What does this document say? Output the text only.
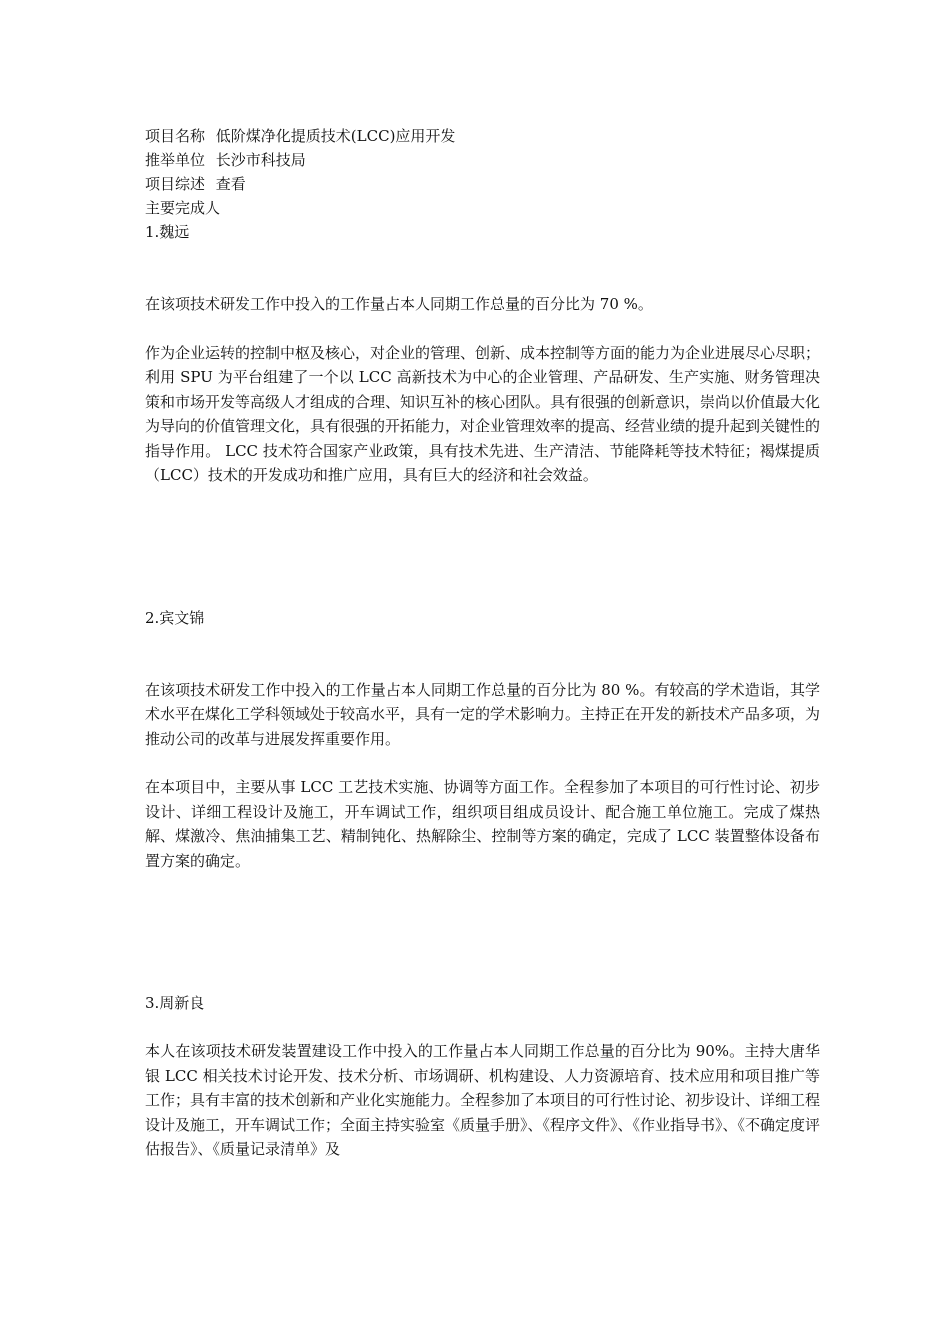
项目名称 低阶煤净化提质技术(LCC)应用开发
推举单位 长沙市科技局
项目综述 查看
主要完成人
1.魏远

在该项技术研发工作中投入的工作量占本人同期工作总量的百分比为 70 %。

作为企业运转的控制中枢及核心，对企业的管理、创新、成本控制等方面的能力为企业进展尽心尽职；利用 SPU 为平台组建了一个以 LCC 高新技术为中心的企业管理、产品研发、生产实施、财务管理决策和市场开发等高级人才组成的合理、知识互补的核心团队。具有很强的创新意识，崇尚以价值最大化为导向的价值管理文化，具有很强的开拓能力，对企业管理效率的提高、经营业绩的提升起到关键性的指导作用。 LCC 技术符合国家产业政策，具有技术先进、生产清洁、节能降耗等技术特征；褐煤提质（LCC）技术的开发成功和推广应用，具有巨大的经济和社会效益。

2.宾文锦

在该项技术研发工作中投入的工作量占本人同期工作总量的百分比为 80 %。有较高的学术造诣，其学术水平在煤化工学科领域处于较高水平，具有一定的学术影响力。主持正在开发的新技术产品多项，为推动公司的改革与进展发挥重要作用。

在本项目中，主要从事 LCC 工艺技术实施、协调等方面工作。全程参加了本项目的可行性讨论、初步设计、详细工程设计及施工，开车调试工作，组织项目组成员设计、配合施工单位施工。完成了煤热解、煤激冷、焦油捕集工艺、精制钝化、热解除尘、控制等方案的确定，完成了 LCC 装置整体设备布置方案的确定。

3.周新良

本人在该项技术研发装置建设工作中投入的工作量占本人同期工作总量的百分比为 90%。主持大唐华银 LCC 相关技术讨论开发、技术分析、市场调研、机构建设、人力资源培育、技术应用和项目推广等工作；具有丰富的技术创新和产业化实施能力。全程参加了本项目的可行性讨论、初步设计、详细工程设计及施工，开车调试工作；全面主持实验室《质量手册》、《程序文件》、《作业指导书》、《不确定度评估报告》、《质量记录清单》及
